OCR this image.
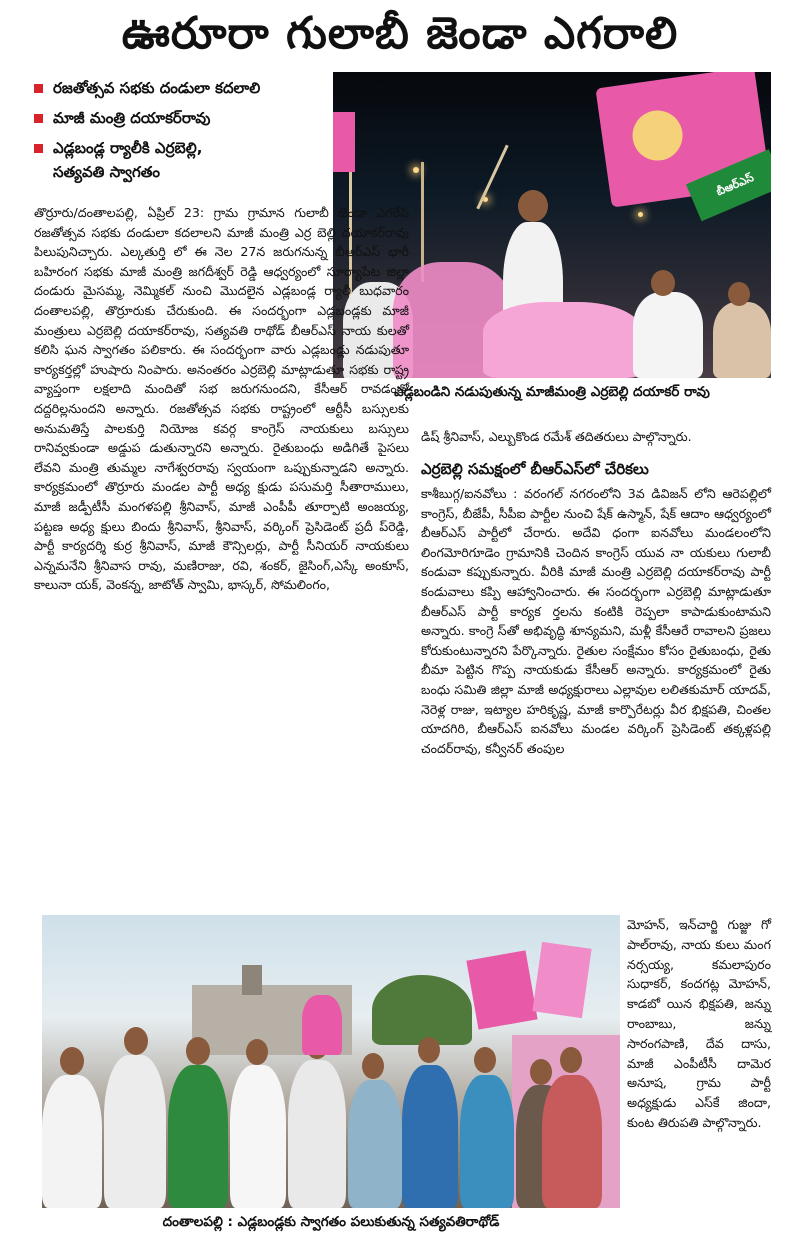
ఊరూరా గులాబీ జెండా ఎగరాలి
రజతోత్సవ సభకు దండులా కదలాలి
మాజీ మంత్రి దయాకర్‌రావు
ఎడ్లబండ్ల ర్యాలీకి ఎర్రబెల్లి,
సత్యవతి స్వాగతం	బీఆర్ఎస్
ఎడ్లబండిని నడుపుతున్న మాజీమంత్రి ఎర్రబెల్లి దయాకర్ రావు

తొర్రూరు/దంతాలపల్లి, ఏప్రిల్ 23: గ్రామ గ్రామాన గులాబీ జెండా ఎగరేసి రజతోత్సవ సభకు దండులా కదలాలని మాజీ మంత్రి ఎర్ర బెల్లి దయాకర్‌రావు పిలుపునిచ్చారు. ఎల్కతుర్తి లో ఈ నెల 27న జరుగనున్న బీఆర్ఎస్ భారీ బహిరంగ సభకు మాజీ మంత్రి జగదీశ్వర్ రెడ్డి ఆధ్వర్యంలో సూర్యాపేట జిల్లా దండురు మైసమ్మ, నెమ్మికల్ నుంచి మొదలైన ఎడ్లబండ్ల ర్యాలీ బుధవారం దంతాలపల్లి, తొర్రూరుకు చేరుకుంది. ఈ సందర్భంగా ఎడ్లబండ్లకు మాజీ మంత్రులు ఎర్రబెల్లి దయాకర్‌రావు, సత్యవతి రాథోడ్ బీఆర్ఎస్ నాయ కులతో కలిసి ఘన స్వాగతం పలికారు. ఈ సందర్భంగా వారు ఎడ్లబండ్లు నడుపుతూ కార్యకర్తల్లో హుషారు నింపారు. అనంతరం ఎర్రబెల్లి మాట్లాడుతూ సభకు రాష్ట్ర వ్యాప్తంగా లక్షలాది మందితో సభ జరుగనుందని, కేసీఆర్ రావడంతో దద్దరిల్లనుందని అన్నారు. రజతోత్సవ సభకు రాష్ట్రంలో ఆర్టీసీ బస్సులకు అనుమతిస్తే పాలకుర్తి నియోజ కవర్గ కాంగ్రెస్ నాయకులు బస్సులు రానివ్వకుండా అడ్డుప డుతున్నారని అన్నారు. రైతుబంధు అడిగితే పైసలు లేవని మంత్రి తుమ్మల నాగేశ్వరరావు స్వయంగా ఒప్పుకున్నాడని అన్నారు. కార్యక్రమంలో తొర్రూరు మండల పార్టీ అధ్య క్షుడు పసుమర్తి సీతారాములు, మాజీ జడ్పీటీసీ మంగళపల్లి శ్రీనివాస్, మాజీ ఎంపీపీ తూర్పాటి అంజయ్య, పట్టణ అధ్య క్షులు బిందు శ్రీనివాస్, శ్రీనివాస్, వర్కింగ్ ప్రెసిడెంట్ ప్రదీ ప్‌రెడ్డి, పార్టీ కార్యదర్శి కుర్ర శ్రీనివాస్, మాజీ కౌన్సిలర్లు, పార్టీ సీనియర్ నాయకులు ఎన్నమనేని శ్రీనివాస రావు, మణిరాజు, రవి, శంకర్, జైసింగ్,ఎస్కే అంకూస్, కాలునా యక్, వెంకన్న, జాటోత్ స్వామి, భాస్కర్, సోమలింగం,

డిష్ శ్రీనివాస్, ఎల్బుకొండ రమేశ్ తదితరులు పాల్గొన్నారు.

ఎర్రబెల్లి సమక్షంలో బీఆర్ఎస్‌లో చేరికలు

కాశీబుగ్గ/ఐనవోలు : వరంగల్ నగరంలోని 3వ డివిజన్‌ లోని ఆరెపల్లిలో కాంగ్రెస్, బీజేపీ, సీపీఐ పార్టీల నుంచి షేక్ ఉస్మాన్, షేక్ ఆదాం ఆధ్వర్యంలో బీఆర్ఎస్ పార్టీలో చేరారు. అదేవి ధంగా ఐనవోలు మండలంలోని లింగమోరిగూడెం గ్రామానికి చెందిన కాంగ్రెస్ యువ నా యకులు గులాబీ కండువా కప్పుకున్నారు. వీరికి మాజీ మంత్రి ఎర్రబెల్లి దయాకర్‌రావు పార్టీ కండువాలు కప్పి ఆహ్వానించారు. ఈ సందర్భంగా ఎర్రబెల్లి మాట్లాడుతూ బీఆర్ఎస్ పార్టీ కార్యక ర్తలను కంటికి రెప్పలా కాపాడుకుంటామని అన్నారు. కాంగ్రె స్‌తో అభివృద్ధి శూన్యమని, మళ్లీ కేసీఆరే రావాలని ప్రజలు కోరుకుంటున్నారని పేర్కొన్నారు. రైతుల సంక్షేమం కోసం రైతుబంధు, రైతు బీమా పెట్టిన గొప్ప నాయకుడు కేసీఆర్ అన్నారు. కార్యక్రమంలో రైతు బంధు సమితి జిల్లా మాజీ అధ్యక్షురాలు ఎల్లావుల లలితకుమార్ యాదవ్, నెరెళ్ల రాజు, ఇట్యాల హరికృష్ణ, మాజీ కార్పొరేటర్లు వీర భిక్షపతి, చింతల యాదగిరి, బీఆర్ఎస్ ఐనవోలు మండల వర్కింగ్ ప్రెసిడెంట్ తక్కళ్లపల్లి చందర్‌రావు, కన్వీనర్ తంపుల

దంతాలపల్లి : ఎడ్లబండ్లకు స్వాగతం పలుకుతున్న సత్యవతిరాథోడ్

మోహన్, ఇన్‌చార్జి గుజ్జు గో పాల్‌రావు, నాయ కులు మంగ నర్సయ్య, కమలాపురం సుధాకర్, కందగట్ల మోహన్, కాడబో యిన భిక్షపతి, జన్ను రాంబాబు, జన్ను సారంగపాణి, దేవ దాసు, మాజీ ఎంపీటీసీ దామెర అనూష, గ్రామ పార్టీ అధ్యక్షుడు ఎస్‌కే జిందా, కుంట తిరుపతి పాల్గొన్నారు.
